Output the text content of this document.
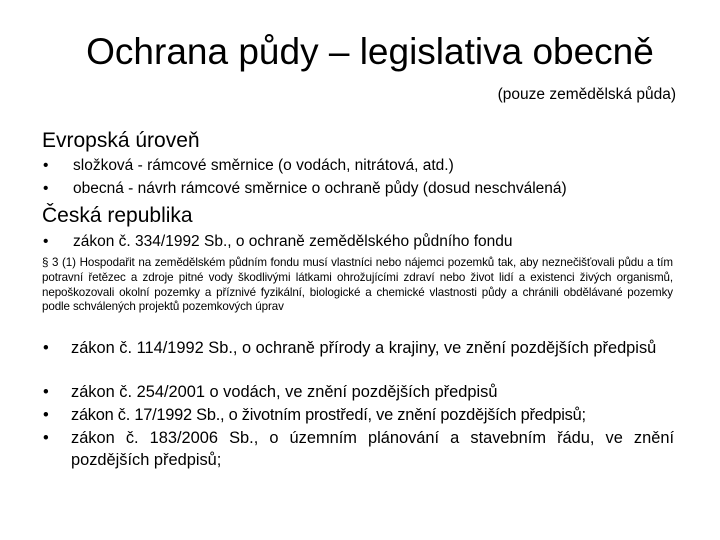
Ochrana půdy – legislativa obecně
(pouze zemědělská půda)
Evropská úroveň
• složková - rámcové směrnice (o vodách, nitrátová, atd.)
• obecná - návrh rámcové směrnice o ochraně půdy (dosud neschválená)
Česká republika
• zákon č. 334/1992 Sb., o ochraně zemědělského půdního fondu
§ 3 (1) Hospodařit na zemědělském půdním fondu musí vlastníci nebo nájemci pozemků tak, aby neznečišťovali půdu a tím potravní řetězec a zdroje pitné vody škodlivými látkami ohrožujícími zdraví nebo život lidí a existenci živých organismů, nepoškozovali okolní pozemky a příznivé fyzikální, biologické a chemické vlastnosti půdy a chránili obdělávané pozemky podle schválených projektů pozemkových úprav
• zákon č. 114/1992 Sb., o ochraně přírody a krajiny, ve znění pozdějších předpisů
• zákon č. 254/2001 o vodách, ve znění pozdějších předpisů
• zákon č. 17/1992 Sb., o životním prostředí, ve znění pozdějších předpisů;
• zákon č. 183/2006 Sb., o územním plánování a stavebním řádu, ve znění pozdějších předpisů;
